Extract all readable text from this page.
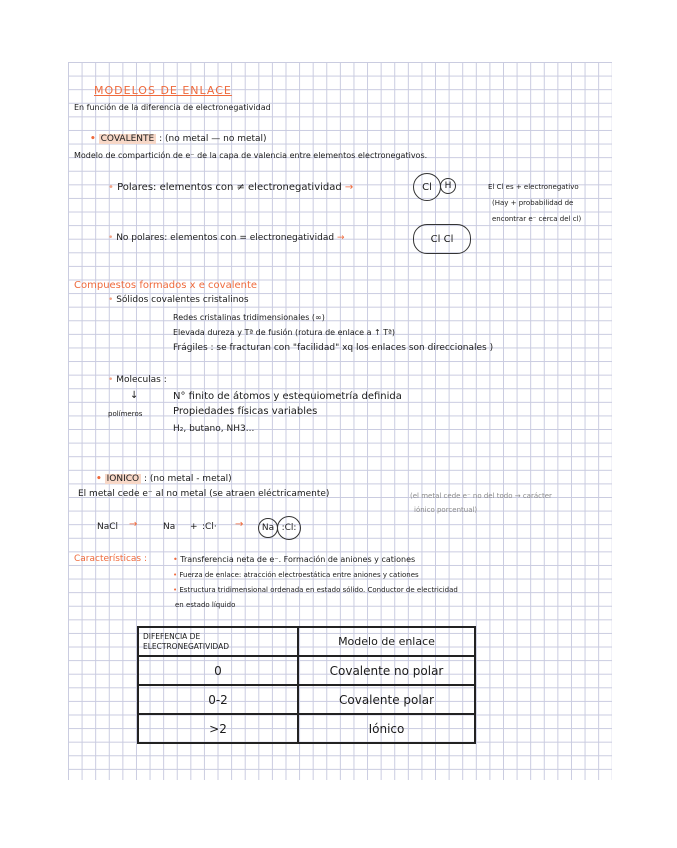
MODELOS DE ENLACE
En función de la diferencia de electronegatividad
• COVALENTE : (no metal — no metal)
Modelo de compartición de e⁻ de la capa de valencia entre elementos electronegativos.
• Polares: elementos con ≠ electronegatividad →	Cl H	El Cl es + electronegativo
(Hay + probabilidad de
encontrar e⁻ cerca del cl)
• No polares: elementos con = electronegatividad →	Cl
Cl
Compuestos formados x e covalente
• Sólidos covalentes cristalinos
Redes cristalinas tridimensionales (∞)
Elevada dureza y Tª de fusión (rotura de enlace a ↑ Tª)
Frágiles : se fracturan con "facilidad" xq los enlaces son direccionales )
• Moleculas :
↓	N° finito de átomos y estequiometría definida
polímeros	Propiedades físicas variables
H₂, butano, NH3...
• IONICO : (no metal - metal)
El metal cede e⁻ al no metal (se atraen eléctricamente)	(el metal cede e⁻ no del todo → carácter
iónico porcentual)
NaCl →	Na + :Cl· → Na :Cl:
Características :	• Transferencia neta de e⁻. Formación de aniones y cationes
• Fuerza de enlace: atracción electroestática entre aniones y cationes
• Estructura tridimensional ordenada en estado sólido. Conductor de electricidad
en estado líquido
DIFEFENCIA DE
ELECTRONEGATIVIDAD	Modelo de enlace
0	Covalente no polar
0-2	Covalente polar
>2	Iónico
